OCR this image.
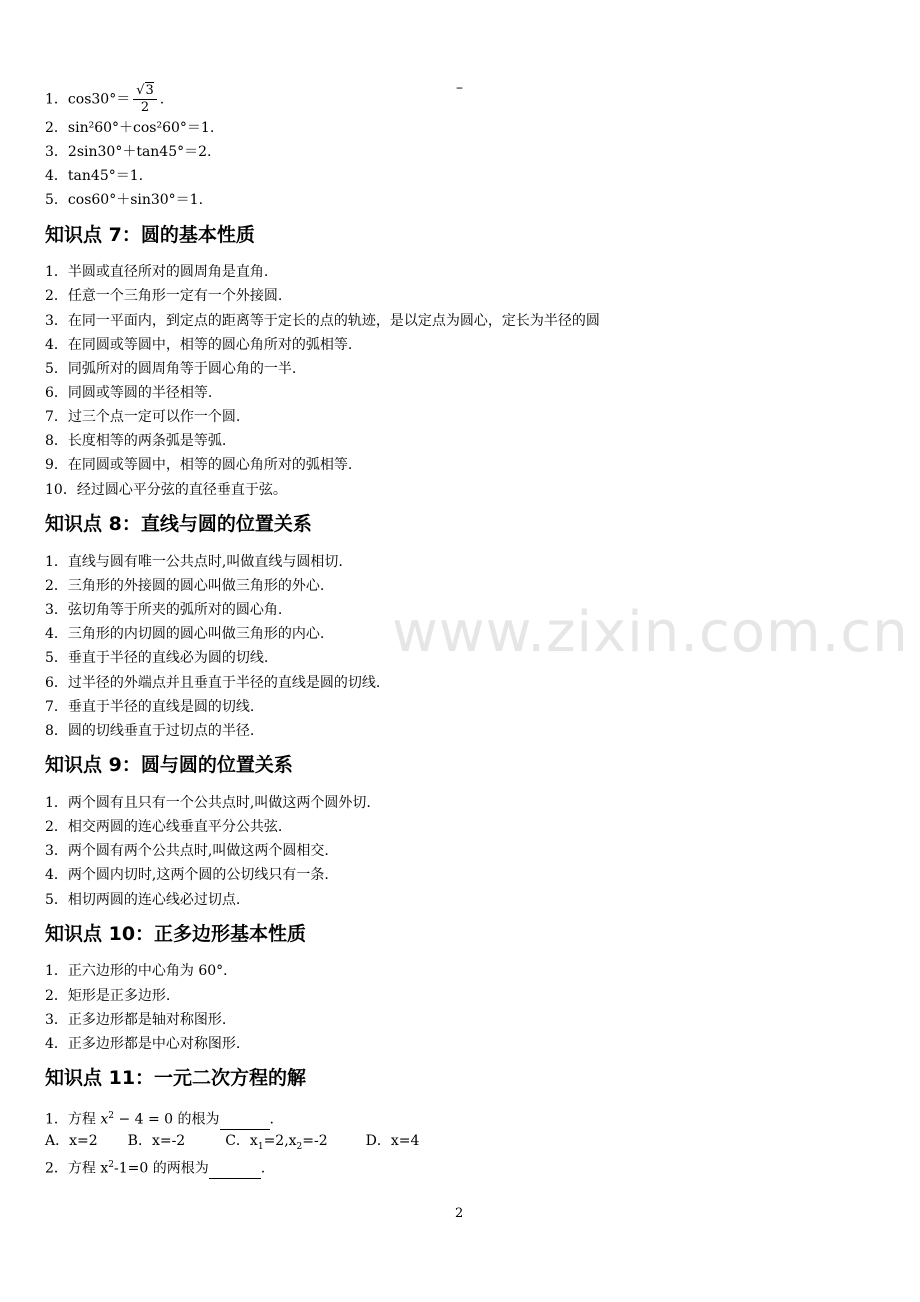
1．$\cos 30^\circ= \frac{√3}{2}$ .
–
2．sin²60°＋cos²60°＝1.
3．2sin30°＋tan45°＝2.
4．tan45°＝1.
5．cos60°＋sin30°＝1.
知识点 7：圆的基本性质
1．半圆或直径所对的圆周角是直角.
2．任意一个三角形一定有一个外接圆.
3．在同一平面内，到定点的距离等于定长的点的轨迹，是以定点为圆心，定长为半径的圆
4．在同圆或等圆中，相等的圆心角所对的弧相等.
5．同弧所对的圆周角等于圆心角的一半.
6．同圆或等圆的半径相等.
7．过三个点一定可以作一个圆.
8．长度相等的两条弧是等弧.
9．在同圆或等圆中，相等的圆心角所对的弧相等.
10．经过圆心平分弦的直径垂直于弦。
知识点 8：直线与圆的位置关系
1．直线与圆有唯一公共点时,叫做直线与圆相切.
2．三角形的外接圆的圆心叫做三角形的外心.
3．弦切角等于所夹的弧所对的圆心角.
4．三角形的内切圆的圆心叫做三角形的内心.
5．垂直于半径的直线必为圆的切线.
6．过半径的外端点并且垂直于半径的直线是圆的切线.
7．垂直于半径的直线是圆的切线.
8．圆的切线垂直于过切点的半径.
知识点 9：圆与圆的位置关系
1．两个圆有且只有一个公共点时,叫做这两个圆外切.
2．相交两圆的连心线垂直平分公共弦.
3．两个圆有两个公共点时,叫做这两个圆相交.
4．两个圆内切时,这两个圆的公切线只有一条.
5．相切两圆的连心线必过切点.
知识点 10：正多边形基本性质
1．正六边形的中心角为 60°．
2．矩形是正多边形.
3．正多边形都是轴对称图形.
4．正多边形都是中心对称图形.
知识点 11：一元二次方程的解
1．方程 $x^2 - 4 = 0$ 的根为	.
A．x=2 B．x=-2	C．$x_1=2,x_2=-2$	D．x=4
2．方程 $x^2-1=0$ 的两根为	.
www.zixin.com.cn
2
